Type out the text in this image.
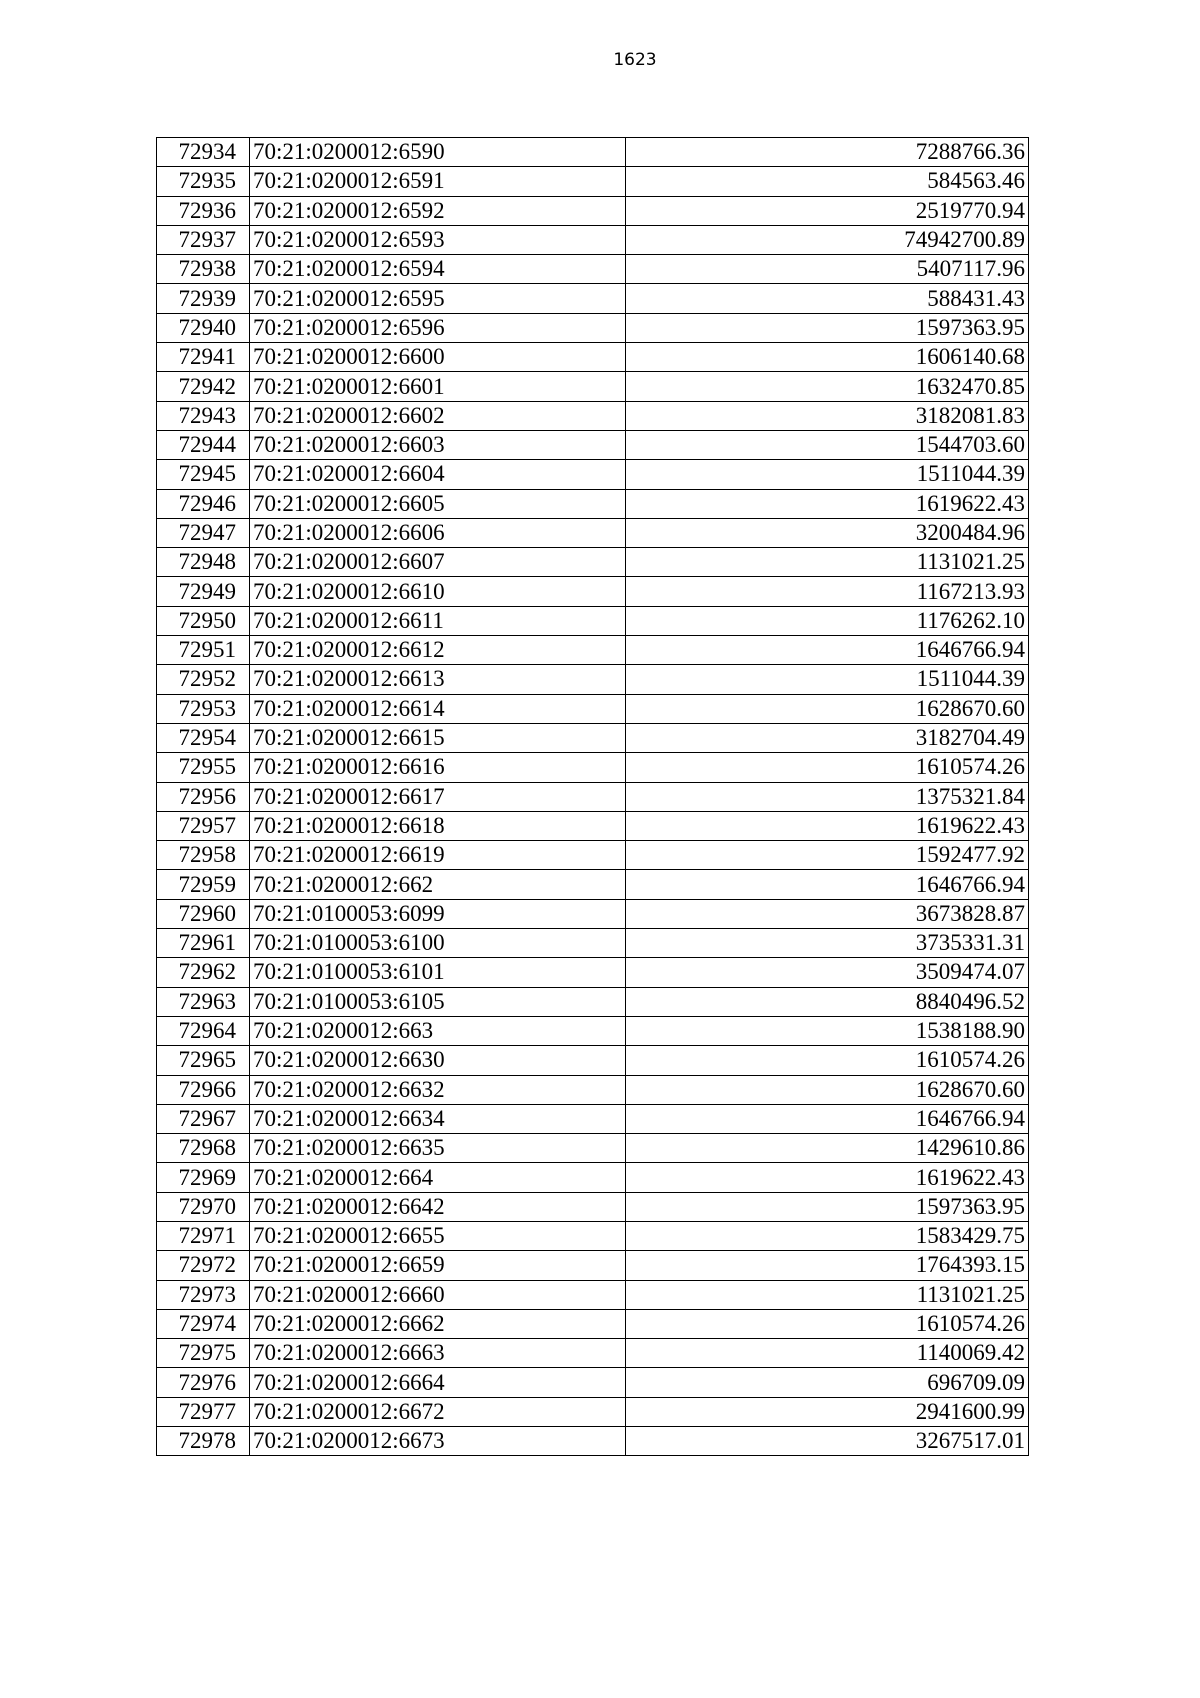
1623
72934	70:21:0200012:6590	7288766.36
72935	70:21:0200012:6591	584563.46
72936	70:21:0200012:6592	2519770.94
72937	70:21:0200012:6593	74942700.89
72938	70:21:0200012:6594	5407117.96
72939	70:21:0200012:6595	588431.43
72940	70:21:0200012:6596	1597363.95
72941	70:21:0200012:6600	1606140.68
72942	70:21:0200012:6601	1632470.85
72943	70:21:0200012:6602	3182081.83
72944	70:21:0200012:6603	1544703.60
72945	70:21:0200012:6604	1511044.39
72946	70:21:0200012:6605	1619622.43
72947	70:21:0200012:6606	3200484.96
72948	70:21:0200012:6607	1131021.25
72949	70:21:0200012:6610	1167213.93
72950	70:21:0200012:6611	1176262.10
72951	70:21:0200012:6612	1646766.94
72952	70:21:0200012:6613	1511044.39
72953	70:21:0200012:6614	1628670.60
72954	70:21:0200012:6615	3182704.49
72955	70:21:0200012:6616	1610574.26
72956	70:21:0200012:6617	1375321.84
72957	70:21:0200012:6618	1619622.43
72958	70:21:0200012:6619	1592477.92
72959	70:21:0200012:662	1646766.94
72960	70:21:0100053:6099	3673828.87
72961	70:21:0100053:6100	3735331.31
72962	70:21:0100053:6101	3509474.07
72963	70:21:0100053:6105	8840496.52
72964	70:21:0200012:663	1538188.90
72965	70:21:0200012:6630	1610574.26
72966	70:21:0200012:6632	1628670.60
72967	70:21:0200012:6634	1646766.94
72968	70:21:0200012:6635	1429610.86
72969	70:21:0200012:664	1619622.43
72970	70:21:0200012:6642	1597363.95
72971	70:21:0200012:6655	1583429.75
72972	70:21:0200012:6659	1764393.15
72973	70:21:0200012:6660	1131021.25
72974	70:21:0200012:6662	1610574.26
72975	70:21:0200012:6663	1140069.42
72976	70:21:0200012:6664	696709.09
72977	70:21:0200012:6672	2941600.99
72978	70:21:0200012:6673	3267517.01
